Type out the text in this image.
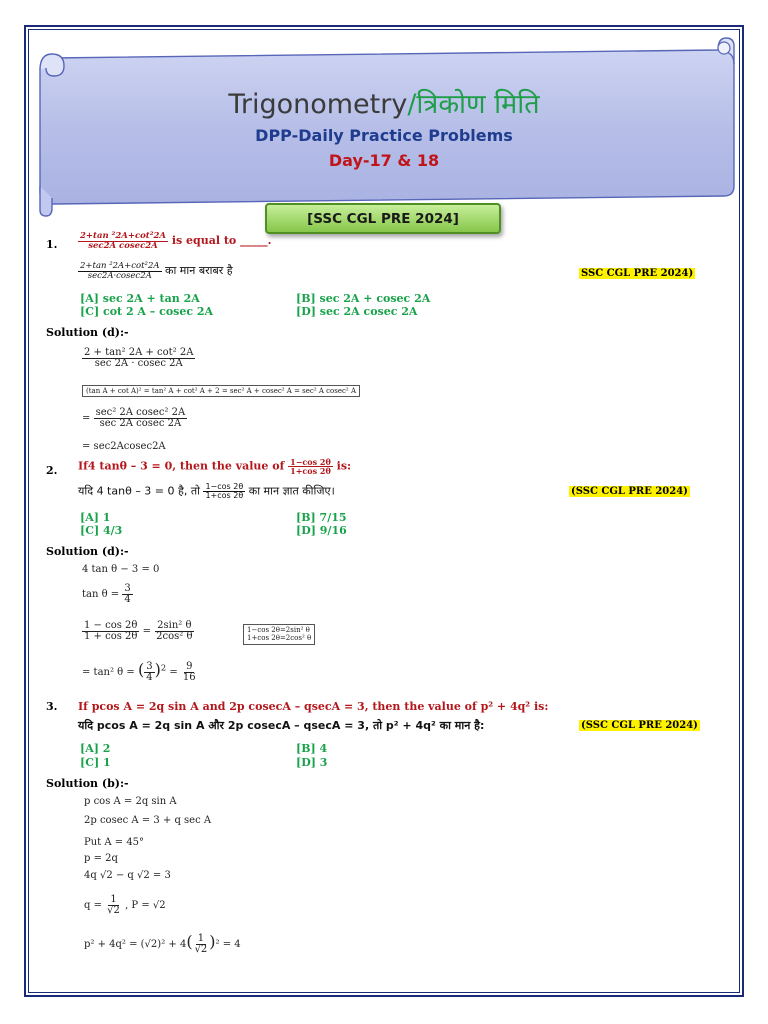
Trigonometry/त्रिकोण मिति
DPP-Daily Practice Problems
Day-17 & 18
[SSC CGL PRE 2024]
1. $\frac{\text{2+tan ²2A+cot²2A}}{\text{sec2A cosec2A}}$ is equal to _____.
$\frac{\text{2+tan ²2A+cot²2A}}{\sec 2A\cdot cosec2A}$ का मान बराबर है	SSC CGL PRE 2024)
[A] sec 2A + tan 2A	[B] sec 2A + cosec 2A
[C] cot 2 A – cosec 2A	[D] sec 2A cosec 2A
Solution (d):-
$\frac{\text{2 + tan² 2A + cot² 2A}}{\sec 2A \cdot cosec 2A}$
(tan A + cot A)² = tan² A + cot² A + 2 = sec² A + cosec² A = sec² A cosec² A
= $\frac{\text{sec² 2A cosec² 2A}}{\text{sec 2A cosec 2A}}$
= sec2Acosec2A
2. If4 tanθ – 3 = 0, then the value of $\frac{1-\cos 2\theta}{1+\cos 2\theta}$ is:
यदि 4 tanθ – 3 = 0 है, तो $\frac{1-\cos 2\theta}{1+\cos 2\theta}$ का मान ज्ञात कीजिए।	(SSC CGL PRE 2024)
[A] 1	[B] 7/15
[C] 4/3	[D] 9/16
Solution (d):-
4 tan θ − 3 = 0
$\tan \theta = \frac{3}{4}$
$\frac{1 - \cos 2\theta}{1 + \cos 2\theta} = \frac{\text{2sin² θ}}{\text{2cos² θ}}$	1−cos 2θ=2sin² θ
1+cos 2θ=2cos² θ
= tan² θ = ( $\frac{3}{4} )^2 = \frac{9}{16}$
3. If pcos A = 2q sin A and 2p cosecA – qsecA = 3, then the value of p² + 4q² is:
यदि pcos A = 2q sin A और 2p cosecA – qsecA = 3, तो p² + 4q² का मान है:	(SSC CGL PRE 2024)
[A] 2	[B] 4
[C] 1	[D] 3
Solution (b):-
p cos A = 2q sin A
2p cosec A = 3 + q sec A
Put A = 45°
p = 2q
4q √2 − q √2 = 3
$q = \frac{1}{√2}$ , P = √2
$p^2 + 4q^2 = (√2)^2 + 4( \frac{1}{√2} )^2 = 4$
